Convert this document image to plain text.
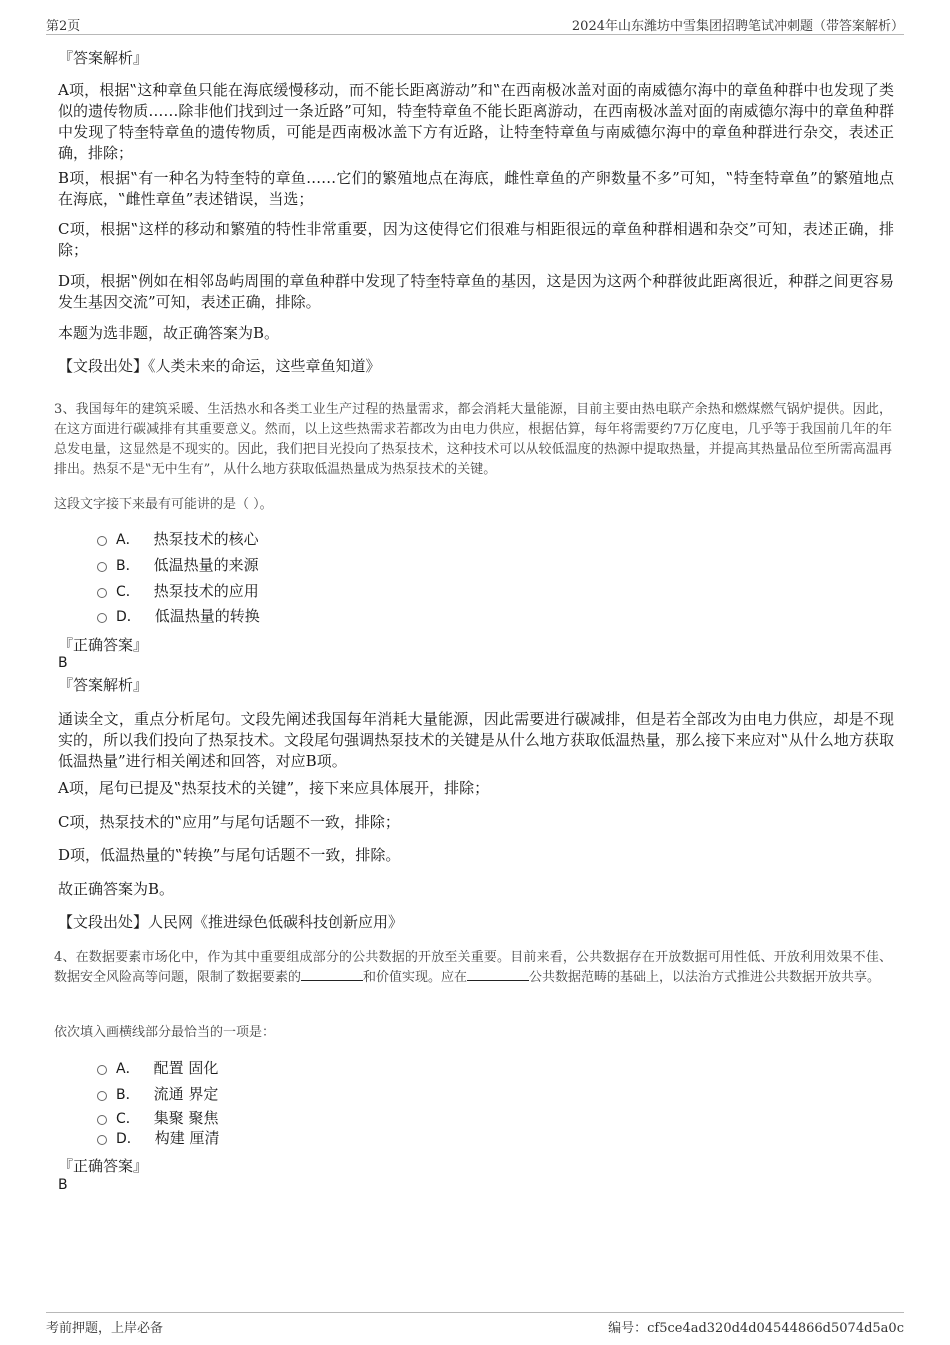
第2页	2024年山东潍坊中雪集团招聘笔试冲刺题（带答案解析）
『答案解析』
A项，根据‟这种章鱼只能在海底缓慢移动，而不能长距离游动”和‟在西南极冰盖对面的南威德尔海中的章鱼种群中也发现了类似的遗传物质……除非他们找到过一条近路”可知，特奎特章鱼不能长距离游动，在西南极冰盖对面的南威德尔海中的章鱼种群中发现了特奎特章鱼的遗传物质，可能是西南极冰盖下方有近路，让特奎特章鱼与南威德尔海中的章鱼种群进行杂交，表述正确，排除；
B项，根据‟有一种名为特奎特的章鱼……它们的繁殖地点在海底，雌性章鱼的产卵数量不多”可知，‟特奎特章鱼”的繁殖地点在海底，‟雌性章鱼”表述错误，当选；
C项，根据‟这样的移动和繁殖的特性非常重要，因为这使得它们很难与相距很远的章鱼种群相遇和杂交”可知，表述正确，排除；
D项，根据‟例如在相邻岛屿周围的章鱼种群中发现了特奎特章鱼的基因，这是因为这两个种群彼此距离很近，种群之间更容易发生基因交流”可知，表述正确，排除。
本题为选非题，故正确答案为B。
【文段出处】《人类未来的命运，这些章鱼知道》
3、我国每年的建筑采暖、生活热水和各类工业生产过程的热量需求，都会消耗大量能源，目前主要由热电联产余热和燃煤燃气锅炉提供。因此，在这方面进行碳减排有其重要意义。然而，以上这些热需求若都改为由电力供应，根据估算，每年将需要约7万亿度电，几乎等于我国前几年的年总发电量，这显然是不现实的。因此，我们把目光投向了热泵技术，这种技术可以从较低温度的热源中提取热量，并提高其热量品位至所需高温再排出。热泵不是‟无中生有”，从什么地方获取低温热量成为热泵技术的关键。
这段文字接下来最有可能讲的是（ ）。
A． 热泵技术的核心
B． 低温热量的来源
C． 热泵技术的应用
D． 低温热量的转换
『正确答案』
B
『答案解析』
通读全文，重点分析尾句。文段先阐述我国每年消耗大量能源，因此需要进行碳减排，但是若全部改为由电力供应，却是不现实的，所以我们投向了热泵技术。文段尾句强调热泵技术的关键是从什么地方获取低温热量，那么接下来应对‟从什么地方获取低温热量”进行相关阐述和回答，对应B项。
A项，尾句已提及‟热泵技术的关键”，接下来应具体展开，排除；
C项，热泵技术的‟应用”与尾句话题不一致，排除；
D项，低温热量的‟转换”与尾句话题不一致，排除。
故正确答案为B。
【文段出处】人民网《推进绿色低碳科技创新应用》
4、在数据要素市场化中，作为其中重要组成部分的公共数据的开放至关重要。目前来看，公共数据存在开放数据可用性低、开放利用效果不佳、数据安全风险高等问题，限制了数据要素的	和价值实现。应在	公共数据范畴的基础上，以法治方式推进公共数据开放共享。
依次填入画横线部分最恰当的一项是：
A． 配置 固化
B． 流通 界定
C． 集聚 聚焦
D． 构建 厘清
『正确答案』
B
考前押题，上岸必备	编号：cf5ce4ad320d4d04544866d5074d5a0c
